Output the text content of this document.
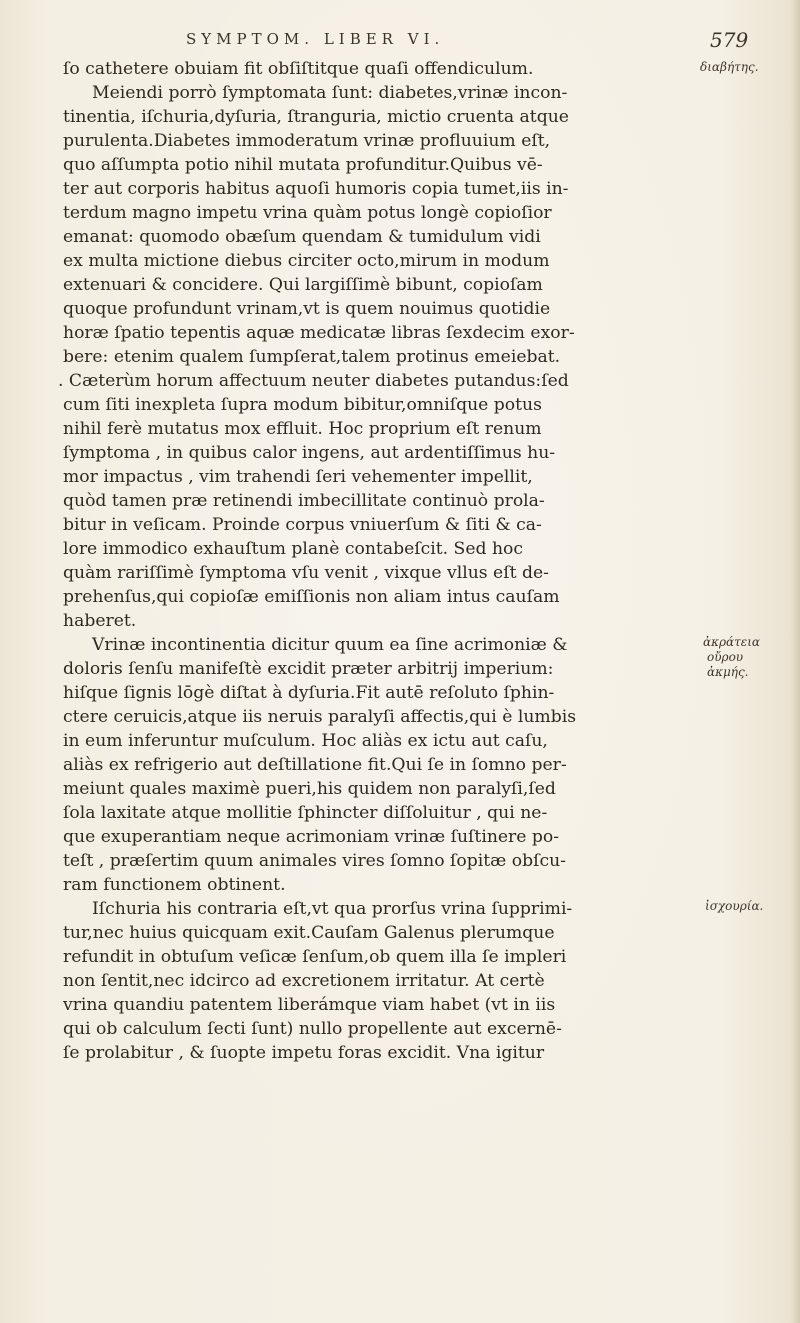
SYMPTOM. LIBER VI.	579
ſo cathetere obuiam fit obſiſtitque quaſi offendiculum.
Meiendi porrò ſymptomata ſunt: diabetes,vrinæ incon-
tinentia, iſchuria,dyſuria, ſtranguria, mictio cruenta atque
purulenta.Diabetes immoderatum vrinæ profluuium eſt,
quo aſſumpta potio nihil mutata profunditur.Quibus vē-
ter aut corporis habitus aquoſi humoris copia tumet,iis in-
terdum magno impetu vrina quàm potus longè copioſior
emanat: quomodo obæſum quendam & tumidulum vidi
ex multa mictione diebus circiter octo,mirum in modum
extenuari & concidere. Qui largiſſimè bibunt, copioſam
quoque profundunt vrinam,vt is quem nouimus quotidie
horæ ſpatio tepentis aquæ medicatæ libras ſexdecim exor-
bere: etenim qualem ſumpſerat,talem protinus emeiebat.
. Cæterùm horum affectuum neuter diabetes putandus:ſed
cum ſiti inexpleta ſupra modum bibitur,omniſque potus
nihil ferè mutatus mox effluit. Hoc proprium eſt renum
ſymptoma , in quibus calor ingens, aut ardentiſſimus hu-
mor impactus , vim trahendi ſeri vehementer impellit,
quòd tamen præ retinendi imbecillitate continuò prola-
bitur in veſicam. Proinde corpus vniuerſum & ſiti & ca-
lore immodico exhauſtum planè contabeſcit. Sed hoc
quàm rariſſimè ſymptoma vſu venit , vixque vllus eſt de-
prehenſus,qui copioſæ emiſſionis non aliam intus cauſam
haberet.
Vrinæ incontinentia dicitur quum ea ſine acrimoniæ &
doloris ſenſu manifeſtè excidit præter arbitrij imperium:
hiſque ſignis lōgè diſtat à dyſuria.Fit autē reſoluto ſphin-
ctere ceruicis,atque iis neruis paralyſi affectis,qui è lumbis
in eum inferuntur muſculum. Hoc aliàs ex ictu aut caſu,
aliàs ex refrigerio aut deſtillatione fit.Qui ſe in ſomno per-
meiunt quales maximè pueri,his quidem non paralyſi,ſed
ſola laxitate atque mollitie ſphincter diſſoluitur , qui ne-
que exuperantiam neque acrimoniam vrinæ ſuſtinere po-
teſt , præſertim quum animales vires ſomno ſopitæ obſcu-
ram functionem obtinent.
Iſchuria his contraria eſt,vt qua prorſus vrina ſupprimi-
tur,nec huius quicquam exit.Cauſam Galenus plerumque
refundit in obtuſum veſicæ ſenſum,ob quem illa ſe impleri
non ſentit,nec idcirco ad excretionem irritatur. At certè
vrina quandiu patentem liberámque viam habet (vt in iis
qui ob calculum ſecti ſunt) nullo propellente aut excernē-
ſe prolabitur , & ſuopte impetu foras excidit. Vna igitur
διαβήτης.
ἀκράτεια
οὔρου
ἀκμής.
ἰσχουρία.
